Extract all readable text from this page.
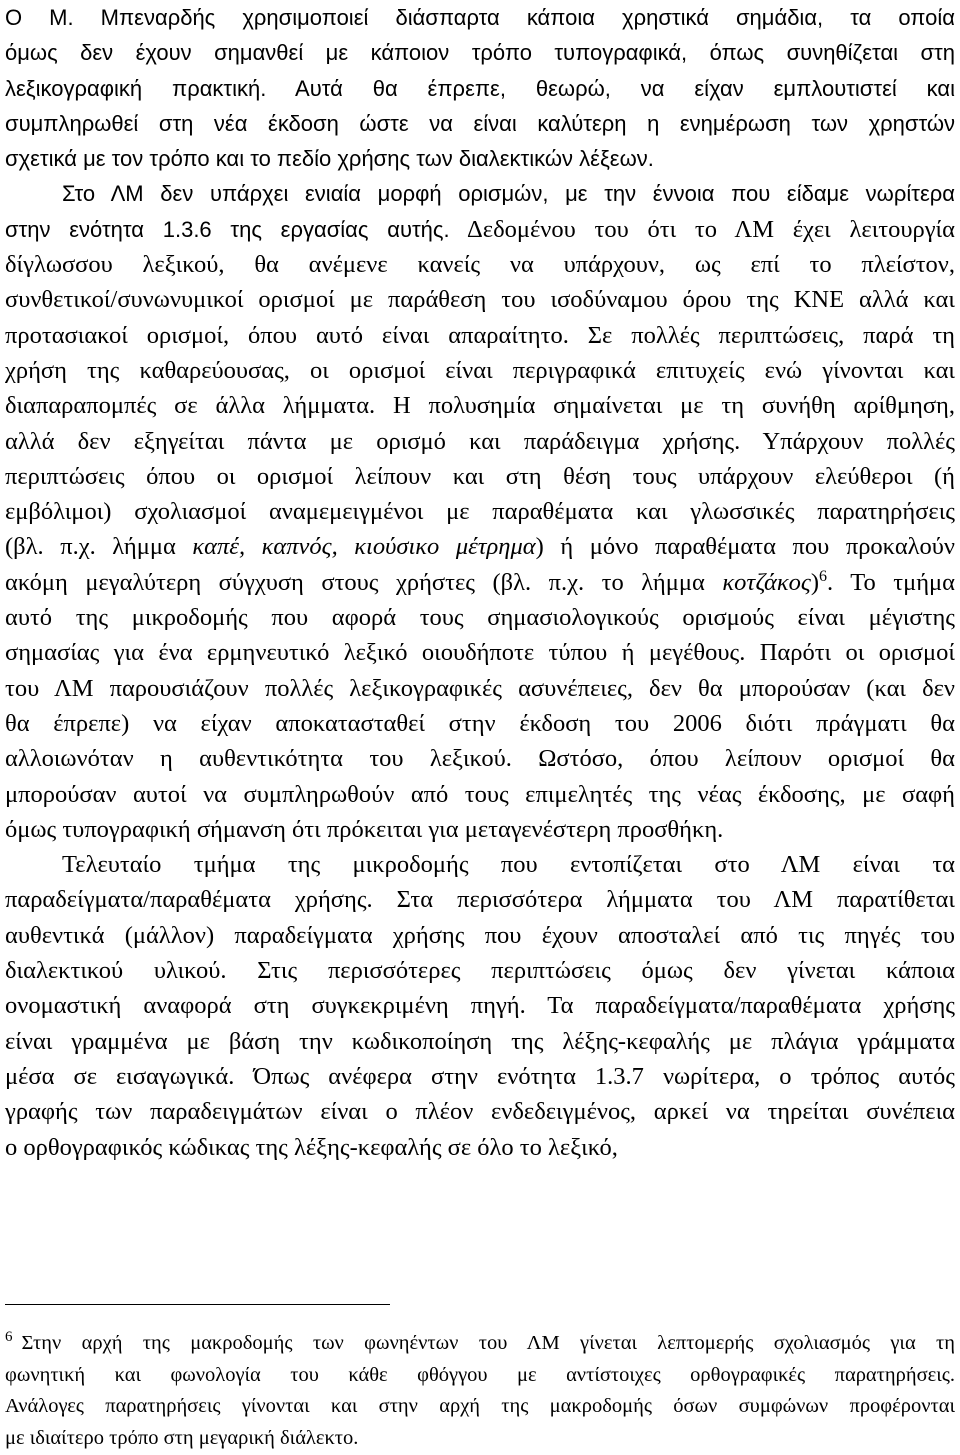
Ο Μ. Μπεναρδής χρησιμοποιεί διάσπαρτα κάποια χρηστικά σημάδια, τα οποία
όμως δεν έχουν σημανθεί με κάποιον τρόπο τυπογραφικά, όπως συνηθίζεται στη
λεξικογραφική πρακτική. Αυτά θα έπρεπε, θεωρώ, να είχαν εμπλουτιστεί και
συμπληρωθεί στη νέα έκδοση ώστε να είναι καλύτερη η ενημέρωση των χρηστών
σχετικά με τον τρόπο και το πεδίο χρήσης των διαλεκτικών λέξεων.
Στο ΛΜ δεν υπάρχει ενιαία μορφή ορισμών, με την έννοια που είδαμε νωρίτερα
στην ενότητα 1.3.6 της εργασίας αυτής. Δεδομένου του ότι το ΛΜ έχει λειτουργία
δίγλωσσου λεξικού, θα ανέμενε κανείς να υπάρχουν, ως επί το πλείστον,
συνθετικοί/συνωνυμικοί ορισμοί με παράθεση του ισοδύναμου όρου της ΚΝΕ αλλά και
προτασιακοί ορισμοί, όπου αυτό είναι απαραίτητο. Σε πολλές περιπτώσεις, παρά τη
χρήση της καθαρεύουσας, οι ορισμοί είναι περιγραφικά επιτυχείς ενώ γίνονται και
διαπαραπομπές σε άλλα λήμματα. Η πολυσημία σημαίνεται με τη συνήθη αρίθμηση,
αλλά δεν εξηγείται πάντα με ορισμό και παράδειγμα χρήσης. Υπάρχουν πολλές
περιπτώσεις όπου οι ορισμοί λείπουν και στη θέση τους υπάρχουν ελεύθεροι (ή
εμβόλιμοι) σχολιασμοί αναμεμειγμένοι με παραθέματα και γλωσσικές παρατηρήσεις
(βλ. π.χ. λήμμα καπέ, καπνός, κιούσικο μέτρημα) ή μόνο παραθέματα που προκαλούν
ακόμη μεγαλύτερη σύγχυση στους χρήστες (βλ. π.χ. το λήμμα κοτζάκος)$^6$. Το τμήμα
αυτό της μικροδομής που αφορά τους σημασιολογικούς ορισμούς είναι μέγιστης
σημασίας για ένα ερμηνευτικό λεξικό οιουδήποτε τύπου ή μεγέθους. Παρότι οι ορισμοί
του ΛΜ παρουσιάζουν πολλές λεξικογραφικές ασυνέπειες, δεν θα μπορούσαν (και δεν
θα έπρεπε) να είχαν αποκατασταθεί στην έκδοση του 2006 διότι πράγματι θα
αλλοιωνόταν η αυθεντικότητα του λεξικού. Ωστόσο, όπου λείπουν ορισμοί θα
μπορούσαν αυτοί να συμπληρωθούν από τους επιμελητές της νέας έκδοσης, με σαφή
όμως τυπογραφική σήμανση ότι πρόκειται για μεταγενέστερη προσθήκη.
Τελευταίο τμήμα της μικροδομής που εντοπίζεται στο ΛΜ είναι τα
παραδείγματα/παραθέματα χρήσης. Στα περισσότερα λήμματα του ΛΜ παρατίθεται
αυθεντικά (μάλλον) παραδείγματα χρήσης που έχουν αποσταλεί από τις πηγές του
διαλεκτικού υλικού. Στις περισσότερες περιπτώσεις όμως δεν γίνεται κάποια
ονομαστική αναφορά στη συγκεκριμένη πηγή. Τα παραδείγματα/παραθέματα χρήσης
είναι γραμμένα με βάση την κωδικοποίηση της λέξης-κεφαλής με πλάγια γράμματα
μέσα σε εισαγωγικά. Όπως ανέφερα στην ενότητα 1.3.7 νωρίτερα, ο τρόπος αυτός
γραφής των παραδειγμάτων είναι ο πλέον ενδεδειγμένος, αρκεί να τηρείται συνέπεια
ο ορθογραφικός κώδικας της λέξης-κεφαλής σε όλο το λεξικό,
$^6$ Στην αρχή της μακροδομής των φωνηέντων του ΛΜ γίνεται λεπτομερής σχολιασμός για τη
φωνητική και φωνολογία του κάθε φθόγγου με αντίστοιχες ορθογραφικές παρατηρήσεις.
Ανάλογες παρατηρήσεις γίνονται και στην αρχή της μακροδομής όσων συμφώνων προφέρονται
με ιδιαίτερο τρόπο στη μεγαρική διάλεκτο.
